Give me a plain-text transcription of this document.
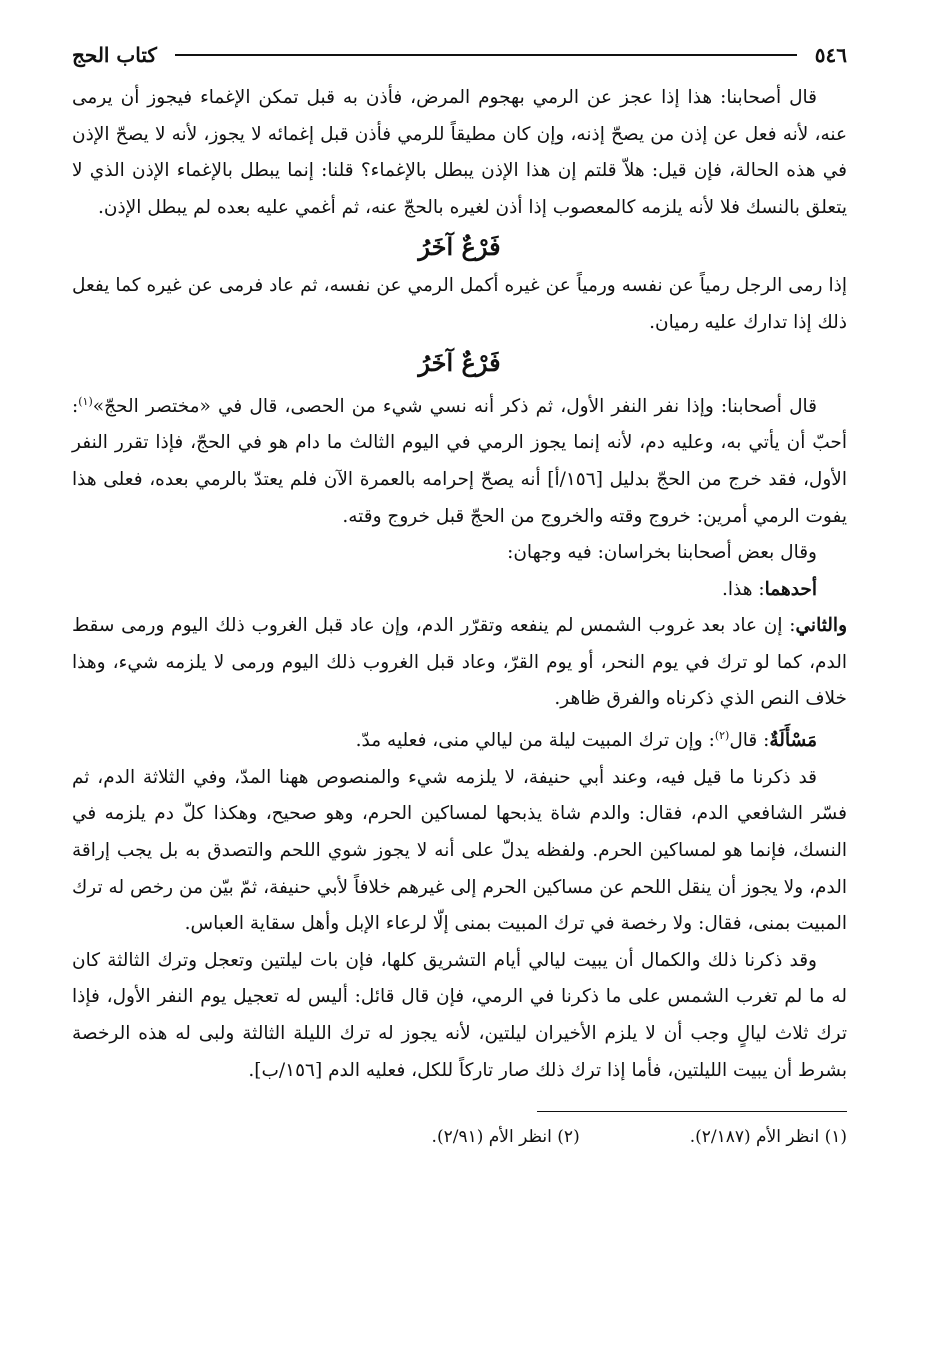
٥٤٦
كتاب الحج

قال أصحابنا: هذا إذا عجز عن الرمي بهجوم المرض، فأذن به قبل تمكن الإغماء فيجوز أن يرمى عنه، لأنه فعل عن إذن من يصحّ إذنه، وإن كان مطيقاً للرمي فأذن قبل إغمائه لا يجوز، لأنه لا يصحّ الإذن في هذه الحالة، فإن قيل: هلاّ قلتم إن هذا الإذن يبطل بالإغماء؟ قلنا: إنما يبطل بالإغماء الإذن الذي لا يتعلق بالنسك فلا لأنه يلزمه كالمعصوب إذا أذن لغيره بالحجّ عنه، ثم أغمي عليه بعده لم يبطل الإذن.

فَرْعٌ آخَرُ

إذا رمى الرجل رمياً عن نفسه ورمياً عن غيره أكمل الرمي عن نفسه، ثم عاد فرمى عن غيره كما يفعل ذلك إذا تدارك عليه رميان.

فَرْعٌ آخَرُ

قال أصحابنا: وإذا نفر النفر الأول، ثم ذكر أنه نسي شيء من الحصى، قال في «مختصر الحجّ»$^{(١)}$: أحبّ أن يأتي به، وعليه دم، لأنه إنما يجوز الرمي في اليوم الثالث ما دام هو في الحجّ، فإذا تقرر النفر الأول، فقد خرج من الحجّ بدليل [١٥٦/أ] أنه يصحّ إحرامه بالعمرة الآن فلم يعتدّ بالرمي بعده، فعلى هذا يفوت الرمي أمرين: خروج وقته والخروج من الحجّ قبل خروج وقته.

وقال بعض أصحابنا بخراسان: فيه وجهان:

أحدهما: هذا.

والثاني: إن عاد بعد غروب الشمس لم ينفعه وتقرّر الدم، وإن عاد قبل الغروب ذلك اليوم ورمى سقط الدم، كما لو ترك في يوم النحر، أو يوم القرّ، وعاد قبل الغروب ذلك اليوم ورمى لا يلزمه شيء، وهذا خلاف النص الذي ذكرناه والفرق ظاهر.

مَسْأَلَةٌ: قال$^{(٢)}$: وإن ترك المبيت ليلة من ليالي منى، فعليه مدّ.

قد ذكرنا ما قيل فيه، وعند أبي حنيفة، لا يلزمه شيء والمنصوص ههنا المدّ، وفي الثلاثة الدم، ثم فسّر الشافعي الدم، فقال: والدم شاة يذبحها لمساكين الحرم، وهو صحيح، وهكذا كلّ دم يلزمه في النسك، فإنما هو لمساكين الحرم. ولفظه يدلّ على أنه لا يجوز شوي اللحم والتصدق به بل يجب إراقة الدم، ولا يجوز أن ينقل اللحم عن مساكين الحرم إلى غيرهم خلافاً لأبي حنيفة، ثمّ بيّن من رخص له ترك المبيت بمنى، فقال: ولا رخصة في ترك المبيت بمنى إلّا لرعاء الإبل وأهل سقاية العباس.

وقد ذكرنا ذلك والكمال أن يبيت ليالي أيام التشريق كلها، فإن بات ليلتين وتعجل وترك الثالثة كان له ما لم تغرب الشمس على ما ذكرنا في الرمي، فإن قال قائل: أليس له تعجيل يوم النفر الأول، فإذا ترك ثلاث ليالٍ وجب أن لا يلزم الأخيران ليلتين، لأنه يجوز له ترك الليلة الثالثة ولبى له هذه الرخصة بشرط أن يبيت الليلتين، فأما إذا ترك ذلك صار تاركاً للكل، فعليه الدم [١٥٦/ب].

(١) انظر الأم (٢/١٨٧).
(٢) انظر الأم (٢/٩١).
